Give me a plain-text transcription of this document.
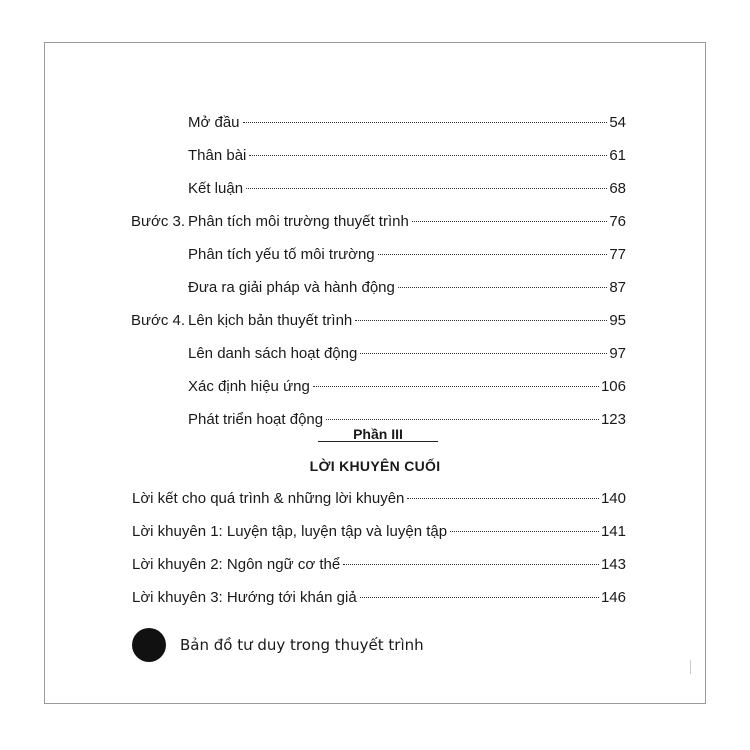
Mở đầu	54
Thân bài	61
Kết luận	68
Bước 3. Phân tích môi trường thuyết trình	76
Phân tích yếu tố môi trường	77
Đưa ra giải pháp và hành động	87
Bước 4. Lên kịch bản thuyết trình	95
Lên danh sách hoạt động	97
Xác định hiệu ứng	106
Phát triển hoạt động	123
Phần III
LỜI KHUYÊN CUỐI
Lời kết cho quá trình & những lời khuyên	140
Lời khuyên 1: Luyện tập, luyện tập và luyện tập	141
Lời khuyên 2: Ngôn ngữ cơ thể	143
Lời khuyên 3: Hướng tới khán giả	146
Bản đồ tư duy trong thuyết trình
